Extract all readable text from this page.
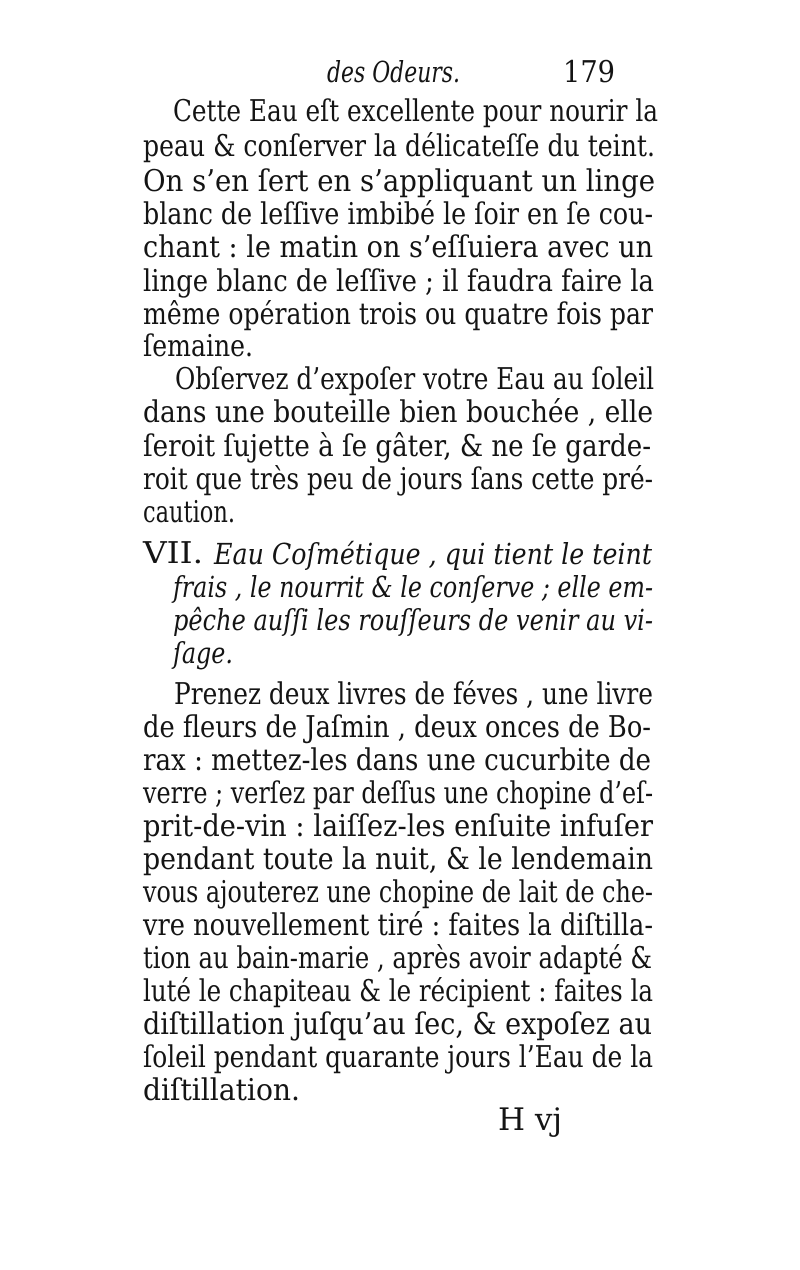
des Odeurs.	179
Cette Eau eſt excellente pour nourir la
peau & conſerver la délicateſſe du teint.
On s’en ſert en s’appliquant un linge
blanc de leſſive imbibé le ſoir en ſe cou-
chant : le matin on s’eſſuiera avec un
linge blanc de leſſive ; il faudra faire la
même opération trois ou quatre fois par
ſemaine.
Obſervez d’expoſer votre Eau au ſoleil
dans une bouteille bien bouchée , elle
ſeroit ſujette à ſe gâter, & ne ſe garde-
roit que très peu de jours ſans cette pré-
caution.
VII. Eau Coſmétique , qui tient le teint
frais , le nourrit & le conſerve ; elle em-
pêche auſſi les rouſſeurs de venir au vi-
ſage.
Prenez deux livres de féves , une livre
de fleurs de Jaſmin , deux onces de Bo-
rax : mettez-les dans une cucurbite de
verre ; verſez par deſſus une chopine d’eſ-
prit-de-vin : laiſſez-les enſuite infuſer
pendant toute la nuit, & le lendemain
vous ajouterez une chopine de lait de che-
vre nouvellement tiré : faites la diſtilla-
tion au bain-marie , après avoir adapté &
luté le chapiteau & le récipient : faites la
diſtillation juſqu’au ſec, & expoſez au
ſoleil pendant quarante jours l’Eau de la
diſtillation.
H vj
